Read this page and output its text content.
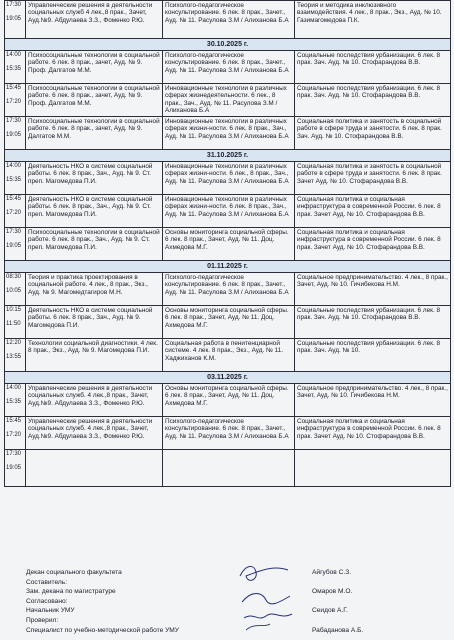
17:30
19:05	Управленческие решения в деятельности социальных служб 4 лек.,8 прак., Зачет, Ауд.№9. Абдулаева З.З., Фоменко Р.Ю.	Психолого-педагогическое консультирование. 6 лек. 8 прак., Зачет., Ауд. № 11. Расулова З.М / Алиханова Б.А	Теория и методика инклюзивного взаимодействия. 4 лек., 8 прак., Экз., Ауд. № 10. Газимагомедова П.К.
30.10.2025 г.			

14:00
15:35	Психосоциальные технологии в социальной работе. 6 лек. 8 прак., зачет, Ауд. № 9. Проф. Далгатов М.М.	Психолого-педагогическое консультирование. 6 лек. 8 прак., Зачет., Ауд. № 11. Расулова З.М / Алиханова Б.А	Социальные последствия урбанизации. 6 лек. 8 прак. Зач. Ауд. № 10. Стофарандова В.В.

15:45
17:20	Психосоциальные технологии в социальной работе. 6 лек. 8 прак., зачет, Ауд. № 9. Проф. Далгатов М.М.	Инновационные технологии в различных сферах жизнедеятельности. 6 лек., 8 прак., Зач., Ауд. № 11. Расулова З.М / Алиханова Б.А	Социальные последствия урбанизации. 6 лек. 8 прак. Зач. Ауд. № 10. Стофарандова В.В.

17:30
19:05	Психосоциальные технологии в социальной работе. 6 лек. 8 прак., зачет, Ауд. № 9. Далгатов М.М.	Инновационные технологии в различных сферах жизни-ности. 6 лек. 8 прак., Зач., Ауд. № 11. Расулова З.М / Алиханова Б.А	Социальная политика и занятость в социальной работе в сфере труда и занятости. 6 лек. 8 прак. Зач. Ауд. № 10. Стофарандова В.В.
31.10.2025 г.			

14:00
15:35	Деятельность НКО в системе социальной работы. 6 лек. 8 прак., Зач., Ауд. № 9. Ст. преп. Магомедова П.И.	Инновационные технологии в различных сферах жизни-ности. 6 лек., 8 прак., Зач., Ауд. № 11. Расулова З.М / Алиханова Б.А	Социальная политика и занятость в социальной работе в сфере труда и занятости. 6 лек. 8 прак. Зачет Ауд. № 10. Стофарандова В.В.

15:45
17:20	Деятельность НКО в системе социальной работы. 6 лек. 8 прак., Зач., Ауд. № 9. Ст. преп. Магомедова П.И.	Инновационные технологии в различных сферах жизни-ности. 6 лек. 8 прак., Зач., Ауд. № 11. Расулова З.М / Алиханова Б.А	Социальная политика и социальная инфраструктура в современной России. 6 лек. 8 прак. Зачет Ауд. № 10. Стофарандова В.В.

17:30
19:05	Психосоциальные технологии в социальной работе. 6 лек. 8 прак., Зач., Ауд. № 9. Ст. преп. Магомедова П.И.	Основы мониторинга социальной сферы. 6 лек. 8 прак., Зачет, Ауд. № 11. Доц. Ахмедова М.Г.	Социальная политика и социальная инфраструктура в современной России. 6 лек. 8 прак. Зачет Ауд. № 10. Стофарандова В.В.
01.11.2025 г.			

08:30
10:05	Теория и практика проектирования в социальной работе. 4 лек., 8 прак., Экз., Ауд. № 9. Магомедтагиров М.Н.	Психолого-педагогическое консультирование. 6 лек. 8 прак., Зачет., Ауд. № 11. Расулова З.М / Алиханова Б.А	Социальное предпринимательство. 4 лек., 8 прак., Зачет, Ауд. № 10. Гичибекова Н.М.

10:15
11:50	Деятельность НКО в системе социальной работы. 6 лек. 8 прак., Зач., Ауд. № 9. Магомедова П.И.	Основы мониторинга социальной сферы. 6 лек. 8 прак., Зачет, Ауд. № 11. Доц. Ахмедова М.Г.	Социальные последствия урбанизации. 6 лек. 8 прак. Зач. Ауд. № 10. Стофарандова В.В.

12:20
13:55	Технологии социальной диагностики. 4 лек. 8 прак., Экз., Ауд. № 9. Магомедова П.И.	Социальная работа в пенитенциарной системе. 4 лек. 8 прак., Экз., Ауд. № 11. Хаджиханов К.М.	Социальные последствия урбанизации. 6 лек. 8 прак. Зач. Ауд. № 10.
03.11.2025 г.			

14:00
15:35	Управленческие решения в деятельности социальных служб. 4 лек.,8 прак., Зачет, Ауд.№9. Абдулаева З.З., Фоменко Р.Ю.	Основы мониторинга социальной сферы. 6 лек. 8 прак., Зачет, Ауд. № 11. Доц. Ахмедова М.Г.	Социальное предпринимательство. 4 лек., 8 прак., Зачет, Ауд. № 10. Гичибекова Н.М.

15:45
17:20	Управленческие решения в деятельности социальных служб. 4 лек.,8 прак., Зачет, Ауд.№9. Абдулаева З.З., Фоменко Р.Ю.	Психолого-педагогическое консультирование. 6 лек. 8 прак., Зачет., Ауд. № 11. Расулова З.М / Алиханова Б.А	Социальная политика и социальная инфраструктура в современной России. 6 лек. 8 прак. Зачет Ауд. № 10. Стофарандова В.В.

17:30
19:05			

Декан социального факультета	Айгубов С.З.
Составитель:
Зам. декана по магистратуре	Омаров М.О.
Согласовано:
Начальник УМУ	Сеидов А.Г.
Проверил:
Специалист по учебно-методической работе УМУ	Рабаданова А.Б.
